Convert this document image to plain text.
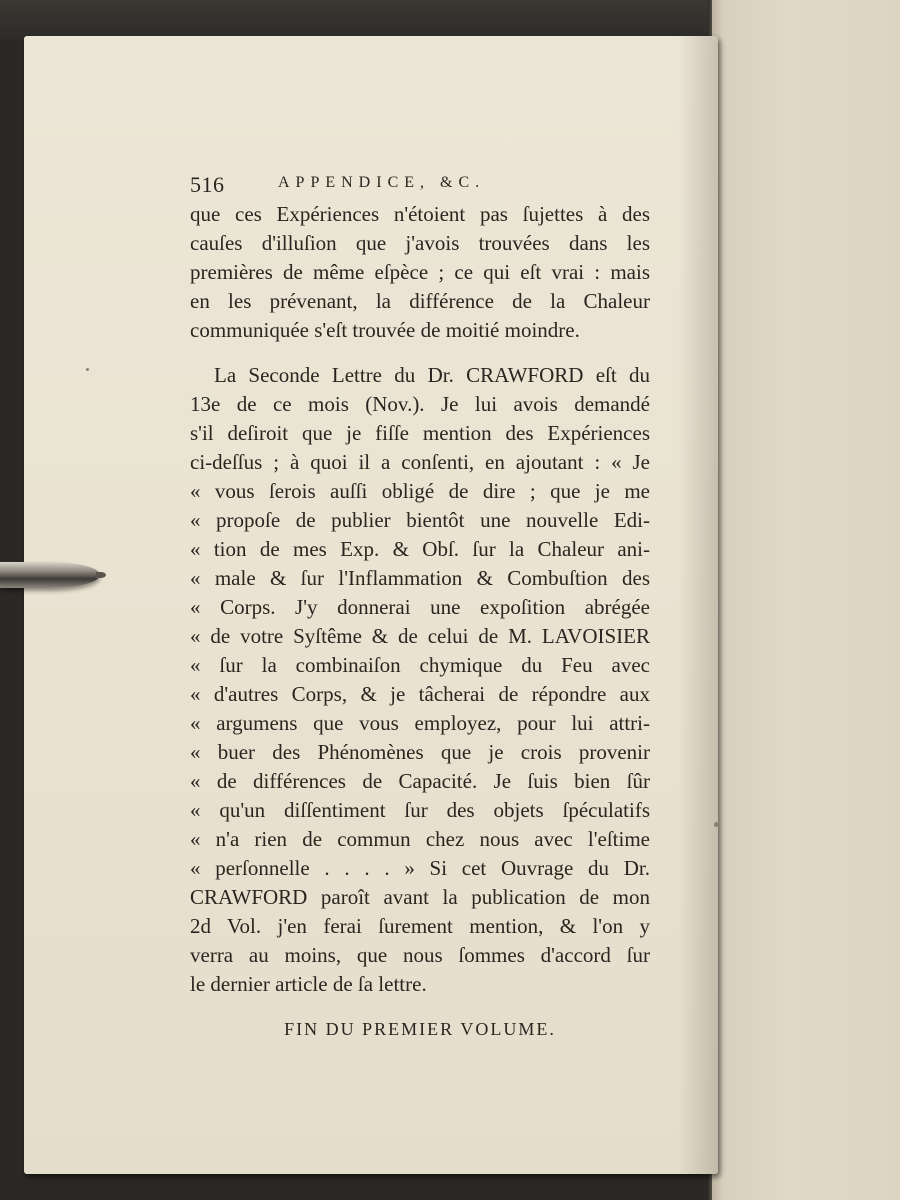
516	APPENDICE, &C.
que ces Expériences n'étoient pas ſujettes à des
cauſes d'illuſion que j'avois trouvées dans les
premières de même eſpèce ; ce qui eſt vrai : mais
en les prévenant, la différence de la Chaleur
communiquée s'eſt trouvée de moitié moindre.
La Seconde Lettre du Dr. CRAWFORD eſt du
13e de ce mois (Nov.). Je lui avois demandé
s'il deſiroit que je fiſſe mention des Expériences
ci-deſſus ; à quoi il a conſenti, en ajoutant : « Je
« vous ſerois auſſi obligé de dire ; que je me
« propoſe de publier bientôt une nouvelle Edi-
« tion de mes Exp. & Obſ. ſur la Chaleur ani-
« male & ſur l'Inflammation & Combuſtion des
« Corps. J'y donnerai une expoſition abrégée
« de votre Syſtême & de celui de M. LAVOISIER
« ſur la combinaiſon chymique du Feu avec
« d'autres Corps, & je tâcherai de répondre aux
« argumens que vous employez, pour lui attri-
« buer des Phénomènes que je crois provenir
« de différences de Capacité. Je ſuis bien ſûr
« qu'un diſſentiment ſur des objets ſpéculatifs
« n'a rien de commun chez nous avec l'eſtime
« perſonnelle . . . . » Si cet Ouvrage du Dr.
CRAWFORD paroît avant la publication de mon
2d Vol. j'en ferai ſurement mention, & l'on y
verra au moins, que nous ſommes d'accord ſur
le dernier article de ſa lettre.
FIN DU PREMIER VOLUME.
